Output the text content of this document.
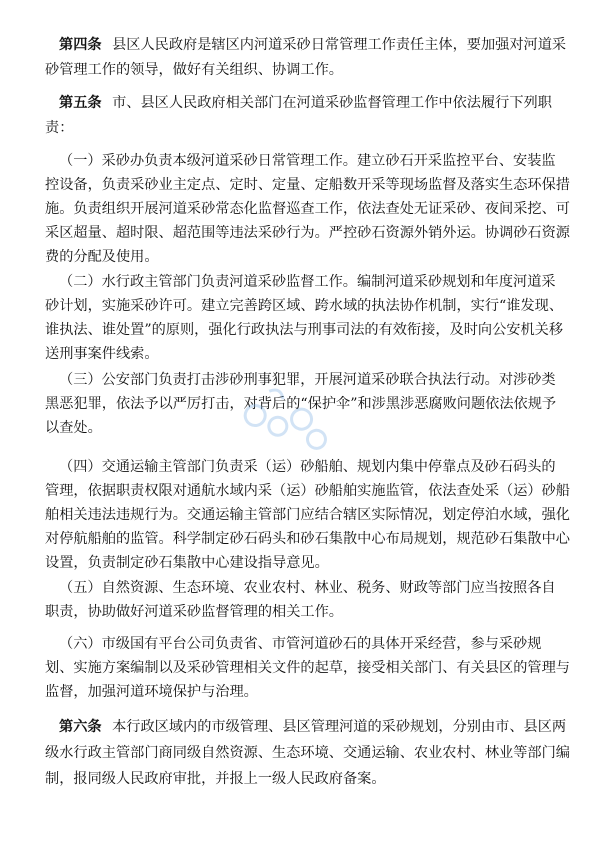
第四条 县区人民政府是辖区内河道采砂日常管理工作责任主体，要加强对河道采
砂管理工作的领导，做好有关组织、协调工作。
第五条 市、县区人民政府相关部门在河道采砂监督管理工作中依法履行下列职
责：
（一）采砂办负责本级河道采砂日常管理工作。建立砂石开采监控平台、安装监
控设备，负责采砂业主定点、定时、定量、定船数开采等现场监督及落实生态环保措
施。负责组织开展河道采砂常态化监督巡查工作，依法查处无证采砂、夜间采挖、可
采区超量、超时限、超范围等违法采砂行为。严控砂石资源外销外运。协调砂石资源
费的分配及使用。
（二）水行政主管部门负责河道采砂监督工作。编制河道采砂规划和年度河道采
砂计划，实施采砂许可。建立完善跨区域、跨水域的执法协作机制，实行“谁发现、
谁执法、谁处置”的原则，强化行政执法与刑事司法的有效衔接，及时向公安机关移
送刑事案件线索。
（三）公安部门负责打击涉砂刑事犯罪，开展河道采砂联合执法行动。对涉砂类
黑恶犯罪，依法予以严厉打击，对背后的“保护伞”和涉黑涉恶腐败问题依法依规予
以查处。
（四）交通运输主管部门负责采（运）砂船舶、规划内集中停靠点及砂石码头的
管理，依据职责权限对通航水域内采（运）砂船舶实施监管，依法查处采（运）砂船
舶相关违法违规行为。交通运输主管部门应结合辖区实际情况，划定停泊水域，强化
对停航船舶的监管。科学制定砂石码头和砂石集散中心布局规划，规范砂石集散中心
设置，负责制定砂石集散中心建设指导意见。
（五）自然资源、生态环境、农业农村、林业、税务、财政等部门应当按照各自
职责，协助做好河道采砂监督管理的相关工作。
（六）市级国有平台公司负责省、市管河道砂石的具体开采经营，参与采砂规
划、实施方案编制以及采砂管理相关文件的起草，接受相关部门、有关县区的管理与
监督，加强河道环境保护与治理。
第六条 本行政区域内的市级管理、县区管理河道的采砂规划，分别由市、县区两
级水行政主管部门商同级自然资源、生态环境、交通运输、农业农村、林业等部门编
制，报同级人民政府审批，并报上一级人民政府备案。
